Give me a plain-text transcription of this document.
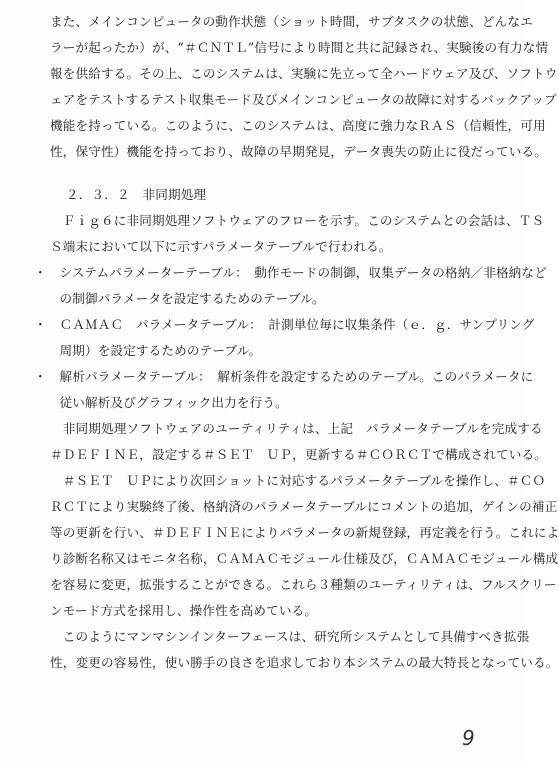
また、メインコンピュータの動作状態（ショット時間，サブタスクの状態、どんなエ
ラーが起ったか）が、“＃ＣＮＴＬ”信号により時間と共に記録され、実験後の有力な情
報を供給する。その上、このシステムは、実験に先立って全ハードウェア及び、ソフトウ
ェアをテストするテスト収集モード及びメインコンピュータの故障に対するバックアップ
機能を持っている。このように、このシステムは、高度に強力なＲＡＳ（信頼性，可用
性，保守性）機能を持っており、故障の早期発見，データ喪失の防止に役だっている。
２．３．２　非同期処理
　Ｆｉｇ６に非同期処理ソフトウェアのフローを示す。このシステムとの会話は、ＴＳ
Ｓ端末において以下に示すパラメータテーブルで行われる。
・　システムパラメーターテーブル：　動作モードの制御，収集データの格納／非格納など
　　の制御パラメータを設定するためのテーブル。
・　ＣＡＭＡＣ　パラメータテーブル：　計測単位毎に収集条件（ｅ．ｇ．サンプリング
　　周期）を設定するためのテーブル。
・　解析パラメータテーブル：　解析条件を設定するためのテーブル。このパラメータに
　　従い解析及びグラフィック出力を行う。
　非同期処理ソフトウェアのユーティリティは、上記　パラメータテーブルを完成する
＃ＤＥＦＩＮＥ，設定する＃ＳＥＴ　ＵＰ，更新する＃ＣＯＲＣＴで構成されている。
　＃ＳＥＴ　ＵＰにより次回ショットに対応するパラメータテーブルを操作し、＃ＣＯ
ＲＣＴにより実験終了後、格納済のパラメータテーブルにコメントの追加，ゲインの補正
等の更新を行い、＃ＤＥＦＩＮＥによりパラメータの新規登録，再定義を行う。これによ
り診断名称又はモニタ名称，ＣＡＭＡＣモジュール仕様及び，ＣＡＭＡＣモジュール構成
を容易に変更，拡張することができる。これら３種類のユーティリティは、フルスクリー
ンモード方式を採用し、操作性を高めている。
　このようにマンマシンインターフェースは、研究所システムとして具備すべき拡張
性，変更の容易性，使い勝手の良さを追求しており本システムの最大特長となっている。
9
